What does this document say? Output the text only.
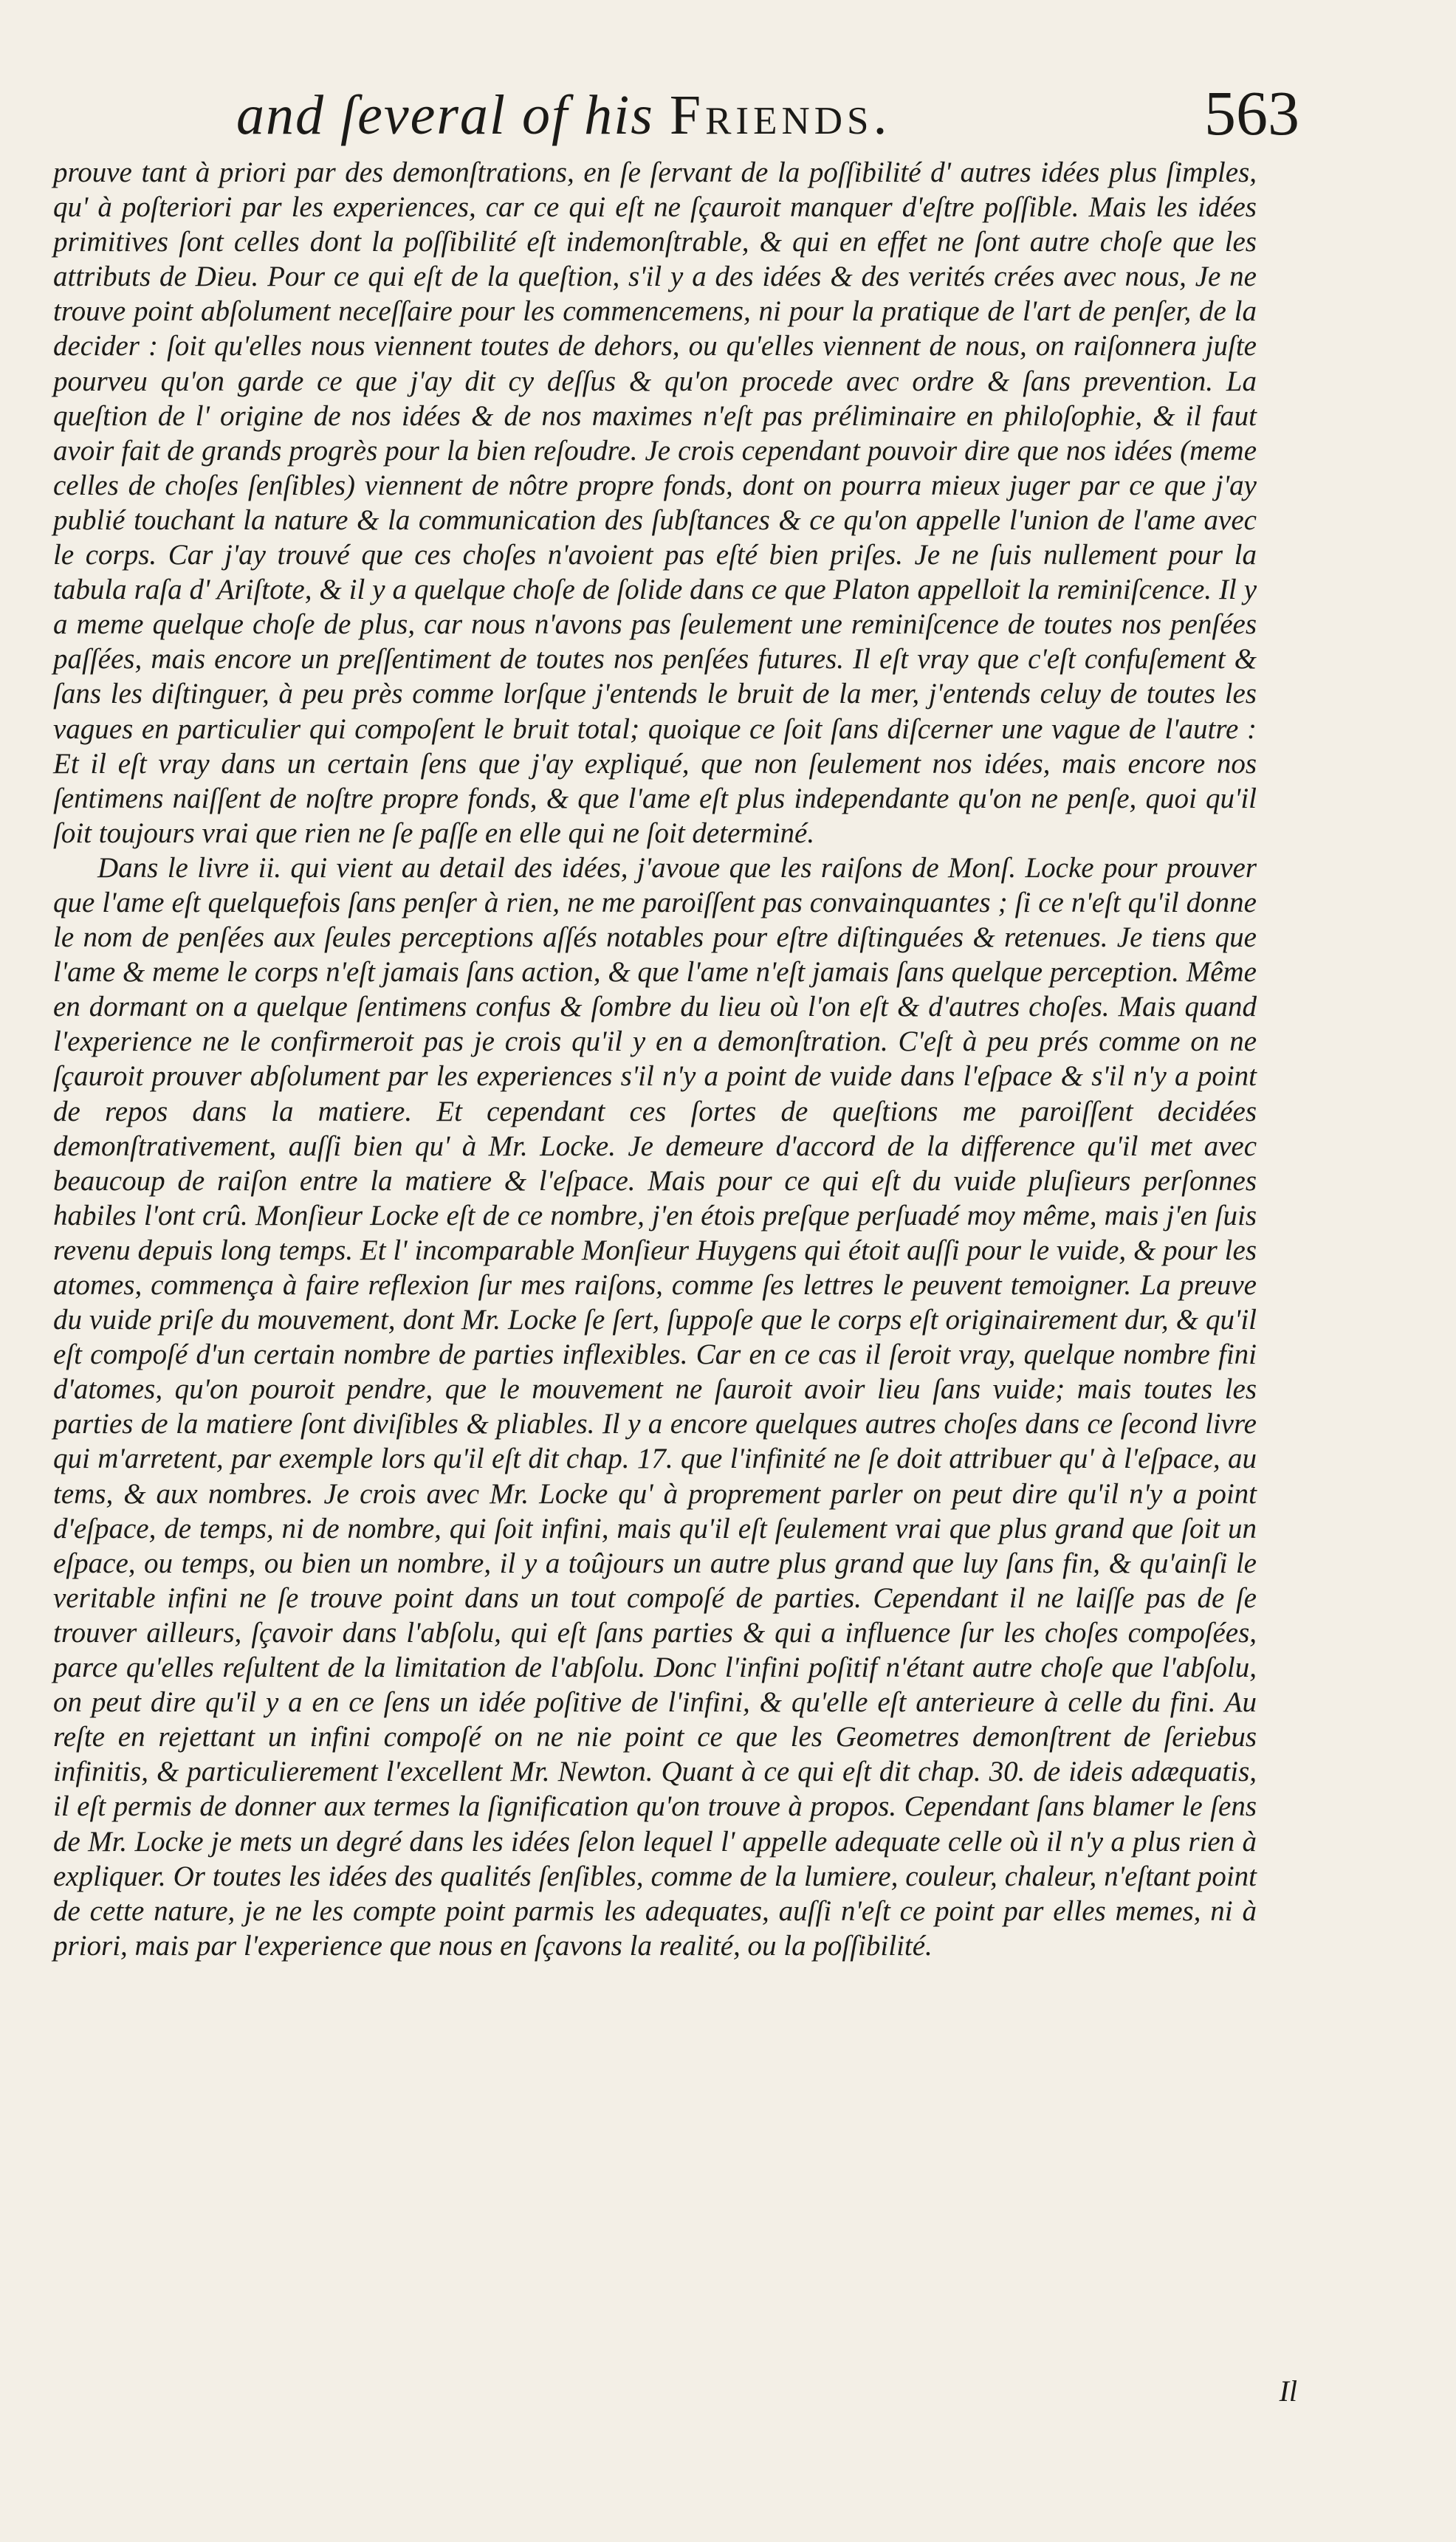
and ſeveral of his Friends.	563

prouve tant à priori par des demonſtrations, en ſe ſervant de la poſſibilité d' autres idées plus ſimples, qu' à poſteriori par les experiences, car ce qui eſt ne ſçauroit manquer d'eſtre poſſible. Mais les idées primitives ſont celles dont la poſſibilité eſt indemonſtrable, & qui en effet ne ſont autre choſe que les attributs de Dieu. Pour ce qui eſt de la queſtion, s'il y a des idées & des verités crées avec nous, Je ne trouve point abſolument neceſſaire pour les commencemens, ni pour la pratique de l'art de penſer, de la decider : ſoit qu'elles nous viennent toutes de dehors, ou qu'elles viennent de nous, on raiſonnera juſte pourveu qu'on garde ce que j'ay dit cy deſſus & qu'on procede avec ordre & ſans prevention. La queſtion de l' origine de nos idées & de nos maximes n'eſt pas préliminaire en philoſophie, & il faut avoir fait de grands progrès pour la bien reſoudre. Je crois cependant pouvoir dire que nos idées (meme celles de choſes ſenſibles) viennent de nôtre propre fonds, dont on pourra mieux juger par ce que j'ay publié touchant la nature & la communication des ſubſtances & ce qu'on appelle l'union de l'ame avec le corps. Car j'ay trouvé que ces choſes n'avoient pas eſté bien priſes. Je ne ſuis nullement pour la tabula raſa d' Ariſtote, & il y a quelque choſe de ſolide dans ce que Platon appelloit la reminiſcence. Il y a meme quelque choſe de plus, car nous n'avons pas ſeulement une reminiſcence de toutes nos penſées paſſées, mais encore un preſſentiment de toutes nos penſées futures. Il eſt vray que c'eſt confuſement & ſans les diſtinguer, à peu près comme lorſque j'entends le bruit de la mer, j'entends celuy de toutes les vagues en particulier qui compoſent le bruit total; quoique ce ſoit ſans diſcerner une vague de l'autre : Et il eſt vray dans un certain ſens que j'ay expliqué, que non ſeulement nos idées, mais encore nos ſentimens naiſſent de noſtre propre fonds, & que l'ame eſt plus independante qu'on ne penſe, quoi qu'il ſoit toujours vrai que rien ne ſe paſſe en elle qui ne ſoit determiné.

Dans le livre ii. qui vient au detail des idées, j'avoue que les raiſons de Monſ. Locke pour prouver que l'ame eſt quelquefois ſans penſer à rien, ne me paroiſſent pas convainquantes ; ſi ce n'eſt qu'il donne le nom de penſées aux ſeules perceptions aſſés notables pour eſtre diſtinguées & retenues. Je tiens que l'ame & meme le corps n'eſt jamais ſans action, & que l'ame n'eſt jamais ſans quelque perception. Même en dormant on a quelque ſentimens confus & ſombre du lieu où l'on eſt & d'autres choſes. Mais quand l'experience ne le confirmeroit pas je crois qu'il y en a demonſtration. C'eſt à peu prés comme on ne ſçauroit prouver abſolument par les experiences s'il n'y a point de vuide dans l'eſpace & s'il n'y a point de repos dans la matiere. Et cependant ces ſortes de queſtions me paroiſſent decidées demonſtrativement, auſſi bien qu' à Mr. Locke. Je demeure d'accord de la difference qu'il met avec beaucoup de raiſon entre la matiere & l'eſpace. Mais pour ce qui eſt du vuide pluſieurs perſonnes habiles l'ont crû. Monſieur Locke eſt de ce nombre, j'en étois preſque perſuadé moy même, mais j'en ſuis revenu depuis long temps. Et l' incomparable Monſieur Huygens qui étoit auſſi pour le vuide, & pour les atomes, commença à faire reflexion ſur mes raiſons, comme ſes lettres le peuvent temoigner. La preuve du vuide priſe du mouvement, dont Mr. Locke ſe ſert, ſuppoſe que le corps eſt originairement dur, & qu'il eſt compoſé d'un certain nombre de parties inflexibles. Car en ce cas il ſeroit vray, quelque nombre fini d'atomes, qu'on pouroit pendre, que le mouvement ne ſauroit avoir lieu ſans vuide; mais toutes les parties de la matiere ſont diviſibles & pliables. Il y a encore quelques autres choſes dans ce ſecond livre qui m'arretent, par exemple lors qu'il eſt dit chap. 17. que l'infinité ne ſe doit attribuer qu' à l'eſpace, au tems, & aux nombres. Je crois avec Mr. Locke qu' à proprement parler on peut dire qu'il n'y a point d'eſpace, de temps, ni de nombre, qui ſoit infini, mais qu'il eſt ſeulement vrai que plus grand que ſoit un eſpace, ou temps, ou bien un nombre, il y a toûjours un autre plus grand que luy ſans fin, & qu'ainſi le veritable infini ne ſe trouve point dans un tout compoſé de parties. Cependant il ne laiſſe pas de ſe trouver ailleurs, ſçavoir dans l'abſolu, qui eſt ſans parties & qui a influence ſur les choſes compoſées, parce qu'elles reſultent de la limitation de l'abſolu. Donc l'infini poſitif n'étant autre choſe que l'abſolu, on peut dire qu'il y a en ce ſens un idée poſitive de l'infini, & qu'elle eſt anterieure à celle du fini. Au reſte en rejettant un infini compoſé on ne nie point ce que les Geometres demonſtrent de ſeriebus infinitis, & particulierement l'excellent Mr. Newton. Quant à ce qui eſt dit chap. 30. de ideis adæquatis, il eſt permis de donner aux termes la ſignification qu'on trouve à propos. Cependant ſans blamer le ſens de Mr. Locke je mets un degré dans les idées ſelon lequel l' appelle adequate celle où il n'y a plus rien à expliquer. Or toutes les idées des qualités ſenſibles, comme de la lumiere, couleur, chaleur, n'eſtant point de cette nature, je ne les compte point parmis les adequates, auſſi n'eſt ce point par elles memes, ni à priori, mais par l'experience que nous en ſçavons la realité, ou la poſſibilité.

Il
